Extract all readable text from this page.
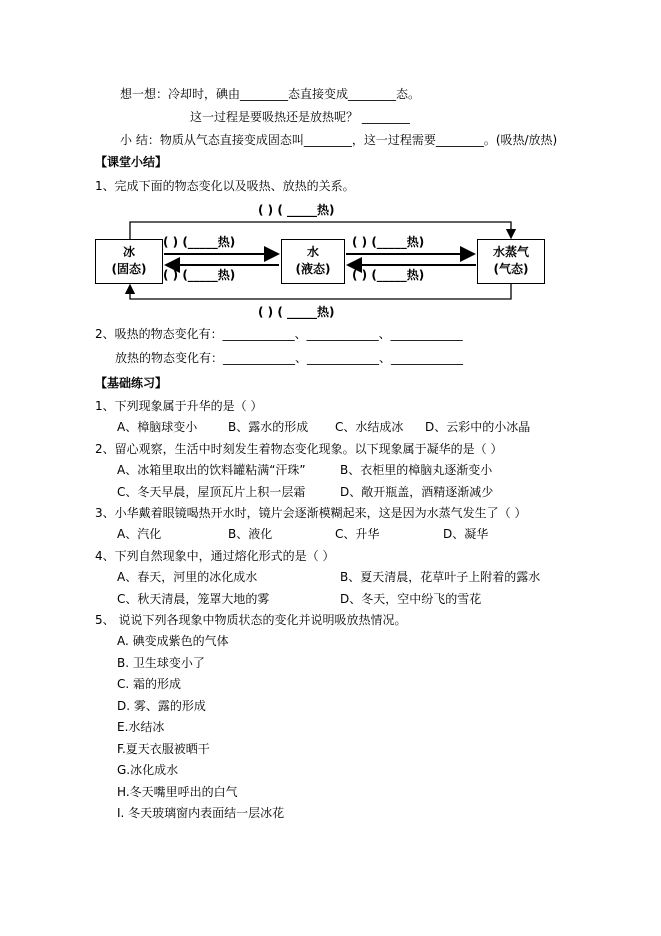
想一想：冷却时，碘由________态直接变成________态。
这一过程是要吸热还是放热呢？ ________
小 结：物质从气态直接变成固态叫________，这一过程需要________。(吸热/放热)
【课堂小结】
1、完成下面的物态变化以及吸热、放热的关系。
( ) ( _____热)
冰
(固态)
水
(液态)
水蒸气
(气态)
( ) (_____热)
( ) (_____热)
( ) (_____热)
( ) (_____热)
( ) ( _____热)
2、吸热的物态变化有：____________、____________、____________
放热的物态变化有：____________、____________、____________
【基础练习】
1、下列现象属于升华的是（ ）
A、樟脑球变小	B、露水的形成 C、水结成冰 D、云彩中的小冰晶
2、留心观察，生活中时刻发生着物态变化现象。以下现象属于凝华的是（ ）
A、冰箱里取出的饮料罐粘满“汗珠”	B、衣柜里的樟脑丸逐渐变小
C、冬天早晨，屋顶瓦片上积一层霜	D、敞开瓶盖，酒精逐渐减少
3、小华戴着眼镜喝热开水时，镜片会逐渐模糊起来，这是因为水蒸气发生了（ ）
A、汽化	B、液化	C、升华	D、凝华
4、下列自然现象中，通过熔化形式的是（ ）
A、春天，河里的冰化成水	B、夏天清晨，花草叶子上附着的露水
C、秋天清晨，笼罩大地的雾	D、冬天，空中纷飞的雪花
5、 说说下列各现象中物质状态的变化并说明吸放热情况。
A. 碘变成紫色的气体
B. 卫生球变小了
C. 霜的形成
D. 雾、露的形成
E.水结冰
F.夏天衣服被晒干
G.冰化成水
H.冬天嘴里呼出的白气
I. 冬天玻璃窗内表面结一层冰花
